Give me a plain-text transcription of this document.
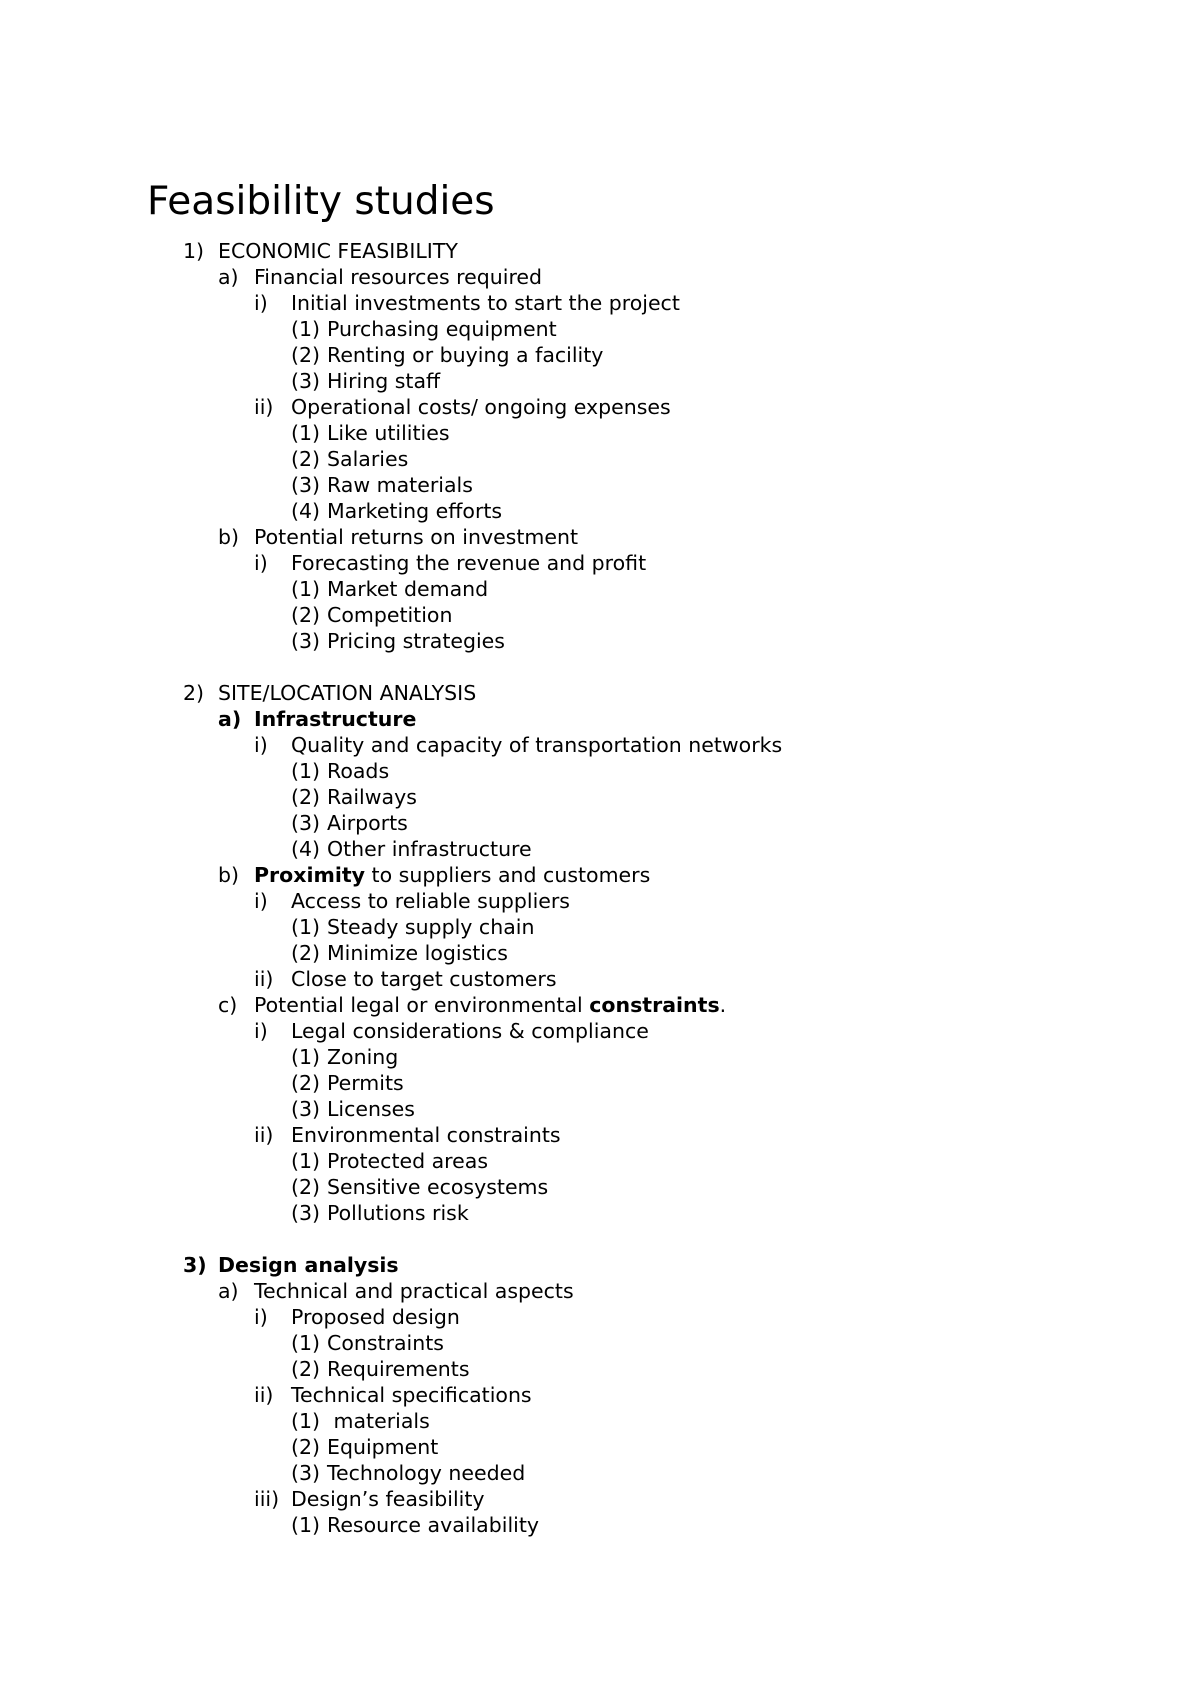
Feasibility studies
1) ECONOMIC FEASIBILITY
a) Financial resources required
i) Initial investments to start the project
(1) Purchasing equipment
(2) Renting or buying a facility
(3) Hiring staff
ii) Operational costs/ ongoing expenses
(1) Like utilities
(2) Salaries
(3) Raw materials
(4) Marketing efforts
b) Potential returns on investment
i) Forecasting the revenue and profit
(1) Market demand
(2) Competition
(3) Pricing strategies
2) SITE/LOCATION ANALYSIS
a) Infrastructure
i) Quality and capacity of transportation networks
(1) Roads
(2) Railways
(3) Airports
(4) Other infrastructure
b) Proximity to suppliers and customers
i) Access to reliable suppliers
(1) Steady supply chain
(2) Minimize logistics
ii) Close to target customers
c) Potential legal or environmental constraints.
i) Legal considerations & compliance
(1) Zoning
(2) Permits
(3) Licenses
ii) Environmental constraints
(1) Protected areas
(2) Sensitive ecosystems
(3) Pollutions risk
3) Design analysis
a) Technical and practical aspects
i) Proposed design
(1) Constraints
(2) Requirements
ii) Technical specifications
(1) materials
(2) Equipment
(3) Technology needed
iii) Design’s feasibility
(1) Resource availability
